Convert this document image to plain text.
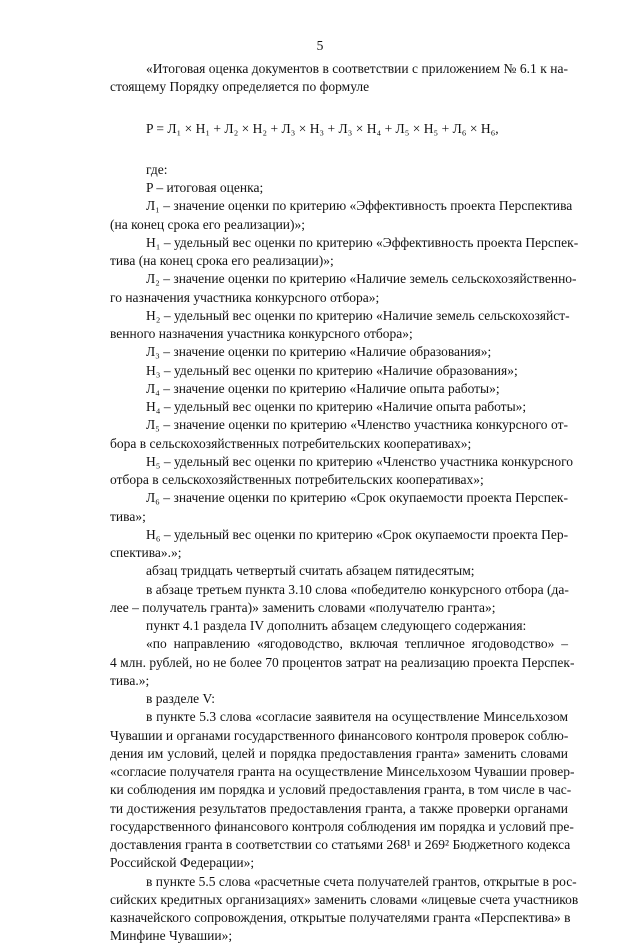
5
«Итоговая оценка документов в соответствии с приложением № 6.1 к на-
стоящему Порядку определяется по формуле
P = Л₁ × Н₁ + Л₂ × Н₂ + Л₃ × Н₃ + Л₃ × Н₄ + Л₅ × Н₅ + Л₆ × Н₆,
где:
P – итоговая оценка;
Л₁ – значение оценки по критерию «Эффективность проекта Перспектива
(на конец срока его реализации)»;
Н₁ – удельный вес оценки по критерию «Эффективность проекта Перспек-
тива (на конец срока его реализации)»;
Л₂ – значение оценки по критерию «Наличие земель сельскохозяйственно-
го назначения участника конкурсного отбора»;
Н₂ – удельный вес оценки по критерию «Наличие земель сельскохозяйст-
венного назначения участника конкурсного отбора»;
Л₃ – значение оценки по критерию «Наличие образования»;
Н₃ – удельный вес оценки по критерию «Наличие образования»;
Л₄ – значение оценки по критерию «Наличие опыта работы»;
Н₄ – удельный вес оценки по критерию «Наличие опыта работы»;
Л₅ – значение оценки по критерию «Членство участника конкурсного от-
бора в сельскохозяйственных потребительских кооперативах»;
Н₅ – удельный вес оценки по критерию «Членство участника конкурсного
отбора в сельскохозяйственных потребительских кооперативах»;
Л₆ – значение оценки по критерию «Срок окупаемости проекта Перспек-
тива»;
Н₆ – удельный вес оценки по критерию «Срок окупаемости проекта Пер-
спектива».»;
абзац тридцать четвертый считать абзацем пятидесятым;
в абзаце третьем пункта 3.10 слова «победителю конкурсного отбора (да-
лее – получатель гранта)» заменить словами «получателю гранта»;
пункт 4.1 раздела IV дополнить абзацем следующего содержания:
«по направлению «ягодоводство, включая тепличное ягодоводство» –
4 млн. рублей, но не более 70 процентов затрат на реализацию проекта Перспек-
тива.»;
в разделе V:
в пункте 5.3 слова «согласие заявителя на осуществление Минсельхозом
Чувашии и органами государственного финансового контроля проверок соблю-
дения им условий, целей и порядка предоставления гранта» заменить словами
«согласие получателя гранта на осуществление Минсельхозом Чувашии провер-
ки соблюдения им порядка и условий предоставления гранта, в том числе в час-
ти достижения результатов предоставления гранта, а также проверки органами
государственного финансового контроля соблюдения им порядка и условий пре-
доставления гранта в соответствии со статьями 268¹ и 269² Бюджетного кодекса
Российской Федерации»;
в пункте 5.5 слова «расчетные счета получателей грантов, открытые в рос-
сийских кредитных организациях» заменить словами «лицевые счета участников
казначейского сопровождения, открытые получателями гранта «Перспектива» в
Минфине Чувашии»;
